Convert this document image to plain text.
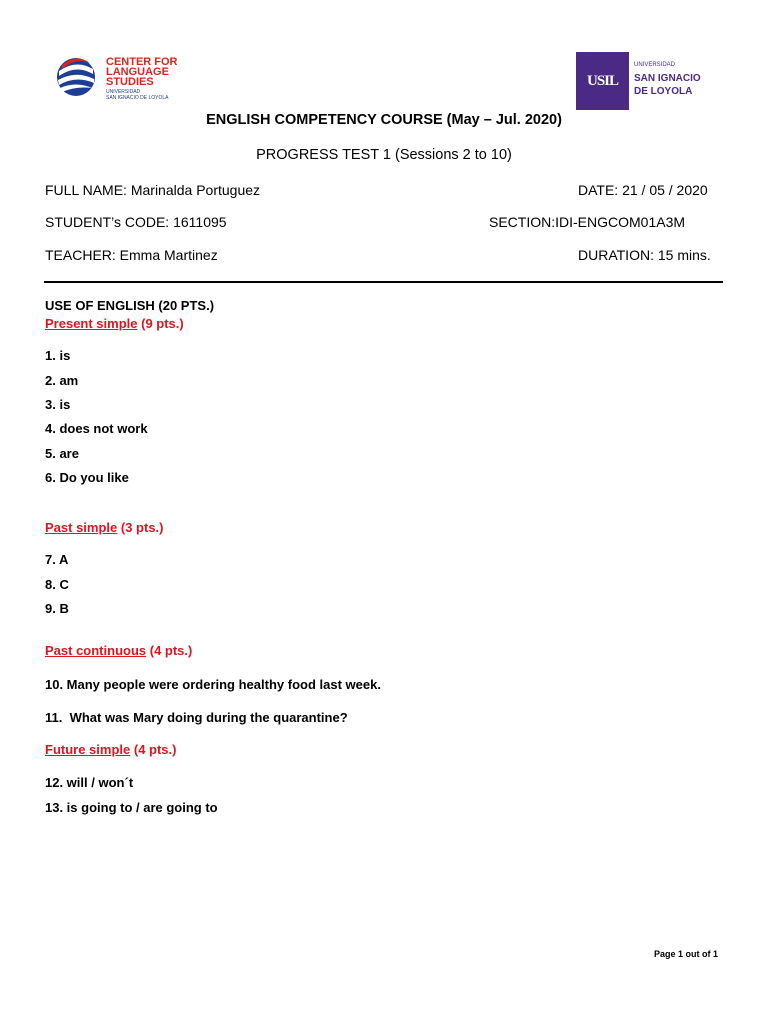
CENTER FOR
LANGUAGE
STUDIES
UNIVERSIDAD
SAN IGNACIO DE LOYOLA
USIL
UNIVERSIDAD
SAN IGNACIO
DE LOYOLA
ENGLISH COMPETENCY COURSE (May – Jul. 2020)
PROGRESS TEST 1 (Sessions 2 to 10)
FULL NAME: Marinalda Portuguez	DATE: 21 / 05 / 2020
STUDENT’s CODE: 1611095	SECTION:IDI-ENGCOM01A3M
TEACHER: Emma Martinez	DURATION: 15 mins.
USE OF ENGLISH (20 PTS.)
Present simple (9 pts.)
1. is
2. am
3. is
4. does not work
5. are
6. Do you like
Past simple (3 pts.)
7. A
8. C
9. B
Past continuous (4 pts.)
10. Many people were ordering healthy food last week.
11.  What was Mary doing during the quarantine?
Future simple (4 pts.)
12. will / won´t
13. is going to / are going to
Page 1 out of 1
